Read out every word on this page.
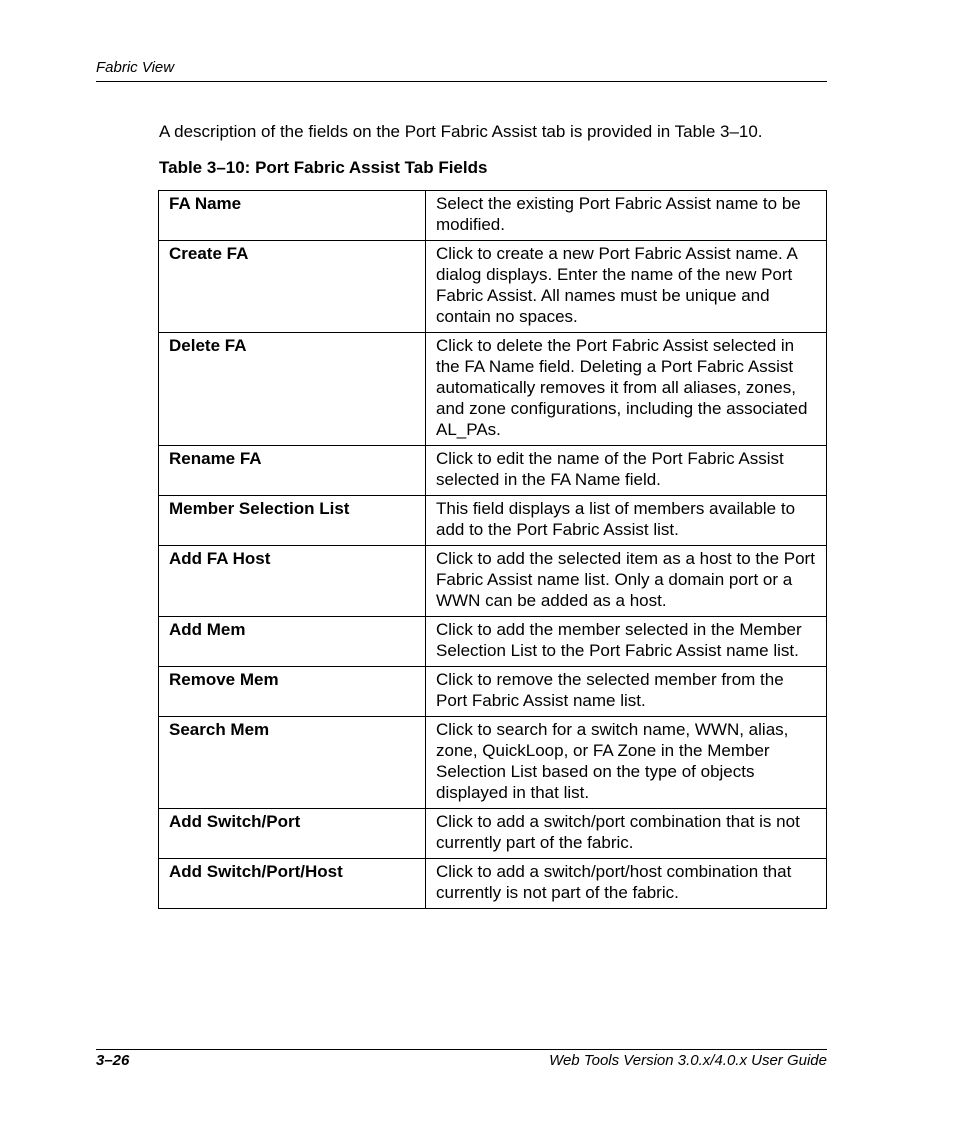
Fabric View

A description of the fields on the Port Fabric Assist tab is provided in Table 3–10.

Table 3–10: Port Fabric Assist Tab Fields

FA Name	Select the existing Port Fabric Assist name to be modified.
Create FA	Click to create a new Port Fabric Assist name. A dialog displays. Enter the name of the new Port Fabric Assist. All names must be unique and contain no spaces.
Delete FA	Click to delete the Port Fabric Assist selected in the FA Name field. Deleting a Port Fabric Assist automatically removes it from all aliases, zones, and zone configurations, including the associated AL_PAs.
Rename FA	Click to edit the name of the Port Fabric Assist selected in the FA Name field.
Member Selection List	This field displays a list of members available to add to the Port Fabric Assist list.
Add FA Host	Click to add the selected item as a host to the Port Fabric Assist name list. Only a domain port or a WWN can be added as a host.
Add Mem	Click to add the member selected in the Member Selection List to the Port Fabric Assist name list.
Remove Mem	Click to remove the selected member from the Port Fabric Assist name list.
Search Mem	Click to search for a switch name, WWN, alias, zone, QuickLoop, or FA Zone in the Member Selection List based on the type of objects displayed in that list.
Add Switch/Port	Click to add a switch/port combination that is not currently part of the fabric.
Add Switch/Port/Host	Click to add a switch/port/host combination that currently is not part of the fabric.
3–26	Web Tools Version 3.0.x/4.0.x User Guide
